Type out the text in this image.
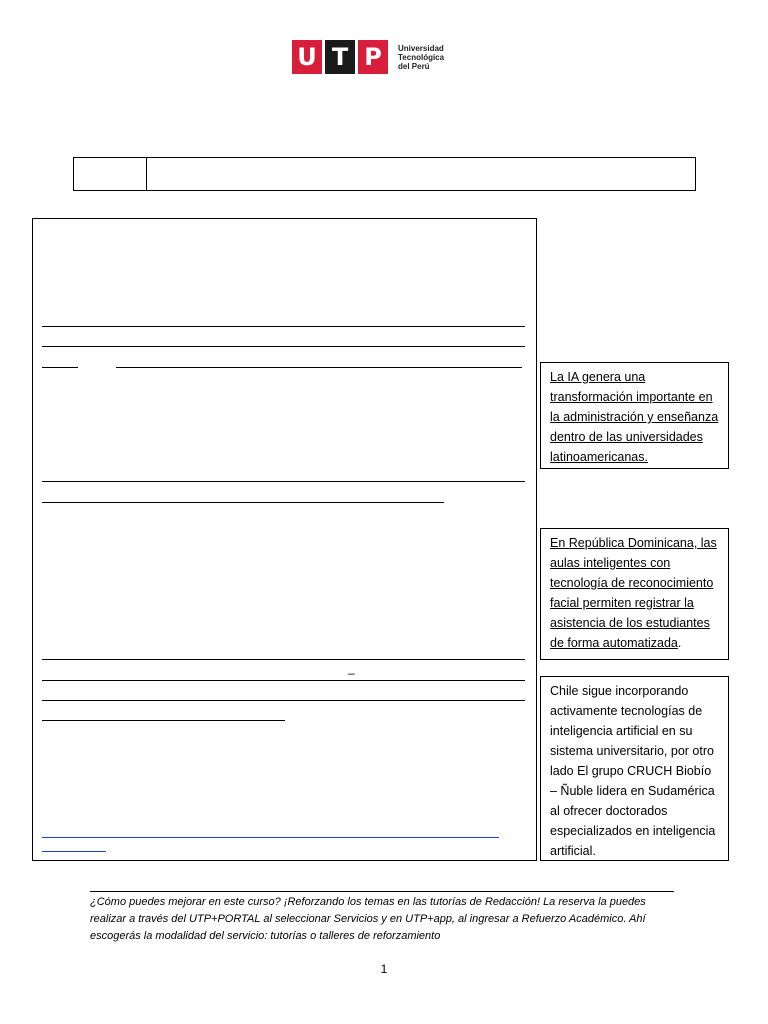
U T P	Universidad
Tecnológica
del Perú
_
La IA genera una transformación importante en la administración y enseñanza dentro de las universidades latinoamericanas.
En República Dominicana, las aulas inteligentes con tecnología de reconocimiento facial permiten registrar la asistencia de los estudiantes de forma automatizada.
Chile sigue incorporando activamente tecnologías de inteligencia artificial en su sistema universitario, por otro lado El grupo CRUCH Biobío – Ñuble lidera en Sudamérica al ofrecer doctorados especializados en inteligencia artificial.
¿Cómo puedes mejorar en este curso? ¡Reforzando los temas en las tutorías de Redacción! La reserva la puedes realizar a través del UTP+PORTAL al seleccionar Servicios y en UTP+app, al ingresar a Refuerzo Académico. Ahí escogerás la modalidad del servicio: tutorías o talleres de reforzamiento
1
